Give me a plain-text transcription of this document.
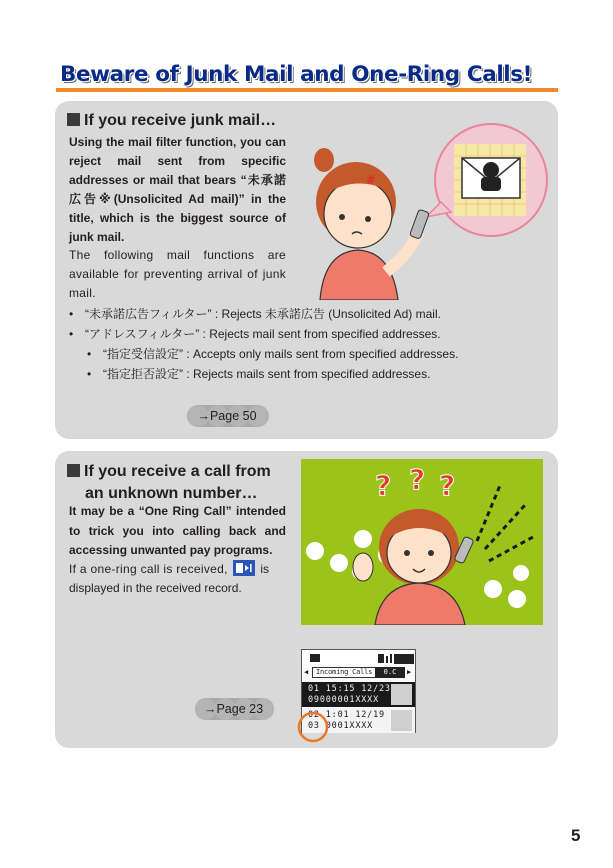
Beware of Junk Mail and One-Ring Calls!
If you receive junk mail…
Using the mail filter function, you can reject mail sent from specific addresses or mail that bears “未承諾広告※(Unsolicited Ad mail)” in the title, which is the biggest source of junk mail.
The following mail functions are available for preventing arrival of junk mail.
• “未承諾広告フィルター” : Rejects 未承諾広告 (Unsolicited Ad) mail.
• “アドレスフィルター” : Rejects mail sent from specified addresses.
• “指定受信設定” : Accepts only mails sent from specified addresses.
• “指定拒否設定” : Rejects mails sent from specified addresses.
→Page 50
#
If you receive a call from
an unknown number…
It may be a “One Ring Call” intended to trick you into calling back and accessing unwanted pay programs.
If a one-ring call is received,	is displayed in the received record.
? ? ?
◀	Incoming Calls	0.C	▶
01 15:15 12/23
09000001XXXX
02 1:01 12/19
03 0001XXXX
→Page 23
5
